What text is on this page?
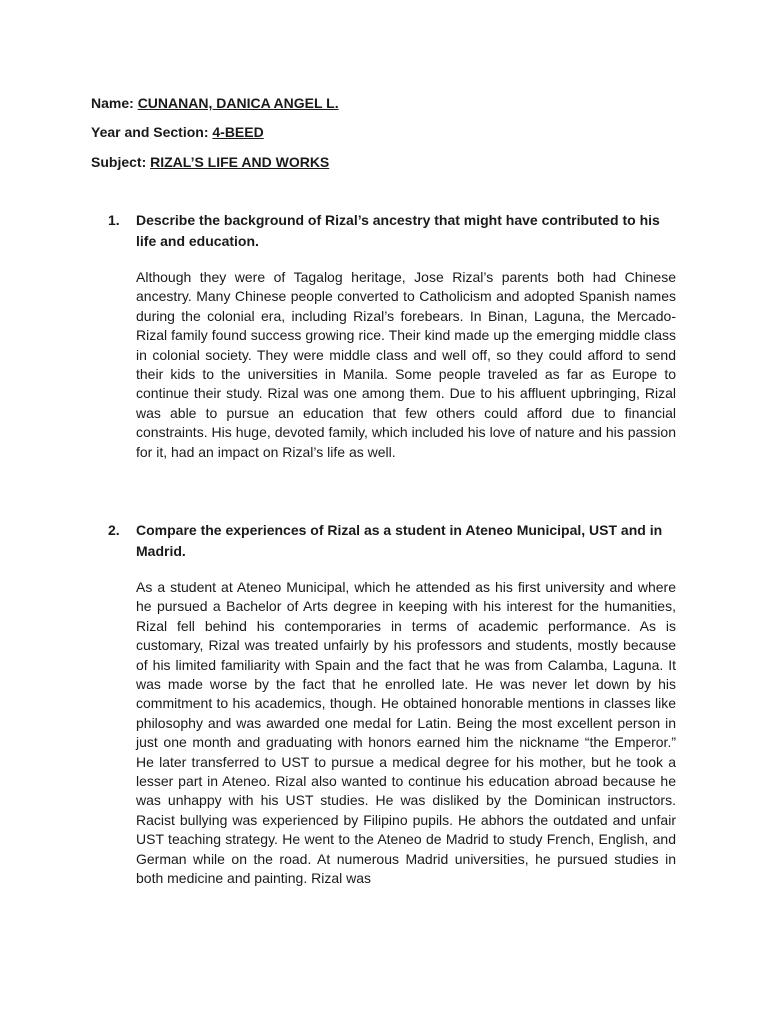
Name: CUNANAN, DANICA ANGEL L.
Year and Section: 4-BEED
Subject: RIZAL’S LIFE AND WORKS
1. Describe the background of Rizal’s ancestry that might have contributed to his life and education.
Although they were of Tagalog heritage, Jose Rizal’s parents both had Chinese ancestry. Many Chinese people converted to Catholicism and adopted Spanish names during the colonial era, including Rizal’s forebears. In Binan, Laguna, the Mercado-Rizal family found success growing rice. Their kind made up the emerging middle class in colonial society. They were middle class and well off, so they could afford to send their kids to the universities in Manila. Some people traveled as far as Europe to continue their study. Rizal was one among them. Due to his affluent upbringing, Rizal was able to pursue an education that few others could afford due to financial constraints. His huge, devoted family, which included his love of nature and his passion for it, had an impact on Rizal’s life as well.
2. Compare the experiences of Rizal as a student in Ateneo Municipal, UST and in Madrid.
As a student at Ateneo Municipal, which he attended as his first university and where he pursued a Bachelor of Arts degree in keeping with his interest for the humanities, Rizal fell behind his contemporaries in terms of academic performance. As is customary, Rizal was treated unfairly by his professors and students, mostly because of his limited familiarity with Spain and the fact that he was from Calamba, Laguna. It was made worse by the fact that he enrolled late. He was never let down by his commitment to his academics, though. He obtained honorable mentions in classes like philosophy and was awarded one medal for Latin. Being the most excellent person in just one month and graduating with honors earned him the nickname “the Emperor.” He later transferred to UST to pursue a medical degree for his mother, but he took a lesser part in Ateneo. Rizal also wanted to continue his education abroad because he was unhappy with his UST studies. He was disliked by the Dominican instructors. Racist bullying was experienced by Filipino pupils. He abhors the outdated and unfair UST teaching strategy. He went to the Ateneo de Madrid to study French, English, and German while on the road. At numerous Madrid universities, he pursued studies in both medicine and painting. Rizal was
